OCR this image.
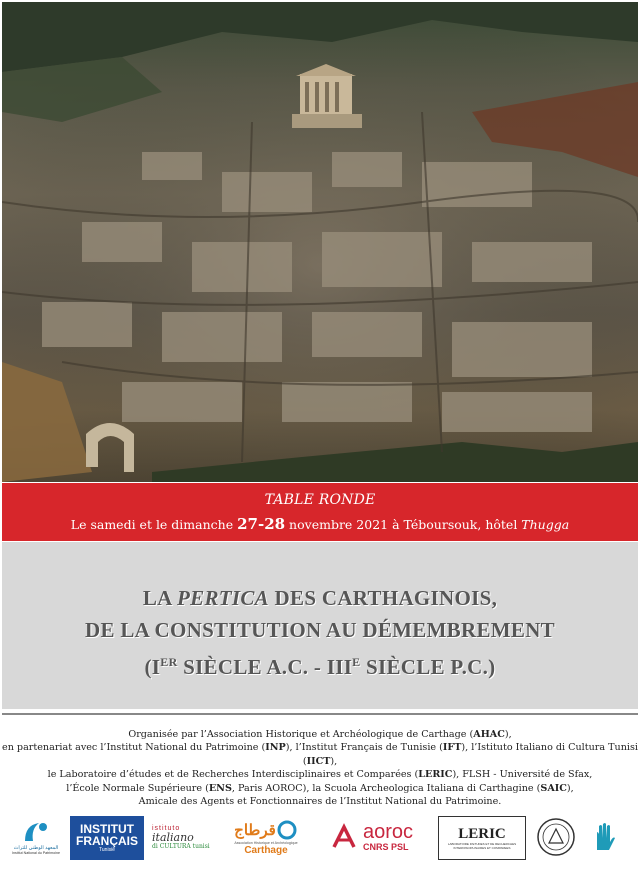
TABLE RONDE
Le samedi et le dimanche 27-28 novembre 2021 à Téboursouk, hôtel Thugga
LA PERTICA DES CARTHAGINOIS,
DE LA CONSTITUTION AU DÉMEMBREMENT
(IER SIÈCLE A.C. - $III^E$ SIÈCLE P.C.)
Organisée par l’Association Historique et Archéologique de Carthage (AHAC),
en partenariat avec l’Institut National du Patrimoine (INP), l’Institut Français de Tunisie (IFT), l’Istituto Italiano di Cultura Tunisi (IICT),
le Laboratoire d’études et de Recherches Interdisciplinaires et Comparées (LERIC), FLSH - Université de Sfax,
l’École Normale Supérieure (ENS, Paris AOROC), la Scuola Archeologica Italiana di Carthagine (SAIC),
Amicale des Agents et Fonctionnaires de l’Institut National du Patrimoine.
المعهد الوطني للتراث
Institut National du Patrimoine
INSTITUT
FRANÇAIS
Tunisie
istituto
italiano
di CULTURA tunisi
قرطاج
Association Historique et Archéologique
Carthage
aoroc
CNRS PSL
LERIC
LABORATOIRE D'ETUDES ET DE RECHERCHES INTERDISCIPLINAIRES ET COMPAREES
